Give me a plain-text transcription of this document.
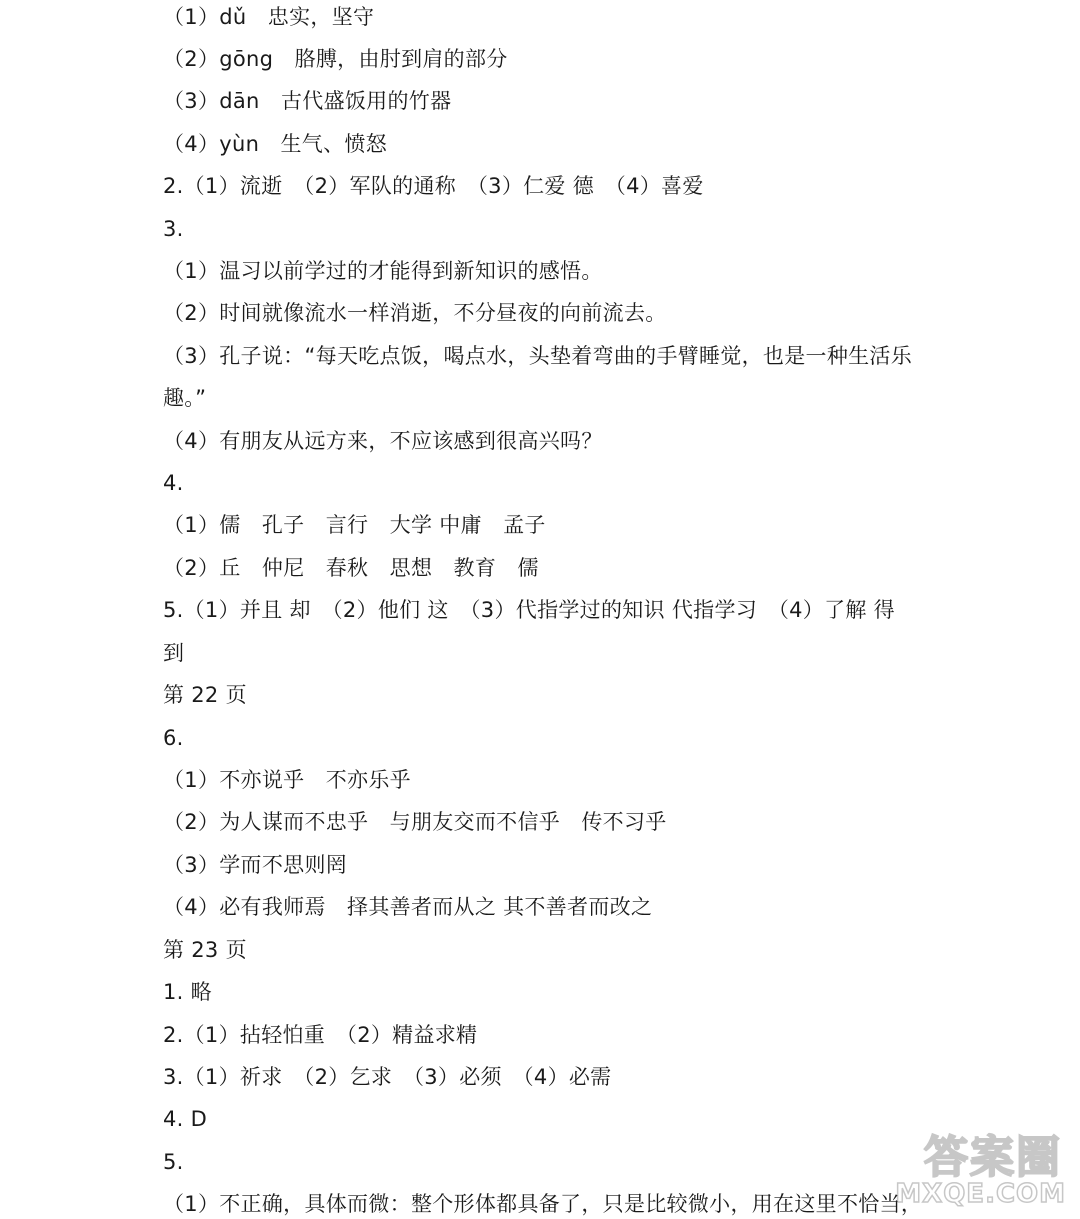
（1）dǔ　忠实，坚守
（2）gōng　胳膊，由肘到肩的部分
（3）dān　古代盛饭用的竹器
（4）yùn　生气、愤怒
2.（1）流逝　（2）军队的通称　（3）仁爱 德　（4）喜爱
3.
（1）温习以前学过的才能得到新知识的感悟。
（2）时间就像流水一样消逝，不分昼夜的向前流去。
（3）孔子说：“每天吃点饭，喝点水，头垫着弯曲的手臂睡觉，也是一种生活乐
趣。”
（4）有朋友从远方来，不应该感到很高兴吗？
4.
（1）儒　孔子　言行　大学 中庸　孟子
（2）丘　仲尼　春秋　思想　教育　儒
5.（1）并且 却　（2）他们 这　（3）代指学过的知识 代指学习　（4）了解 得
到
第 22 页
6.
（1）不亦说乎　不亦乐乎
（2）为人谋而不忠乎　与朋友交而不信乎　传不习乎
（3）学而不思则罔
（4）必有我师焉　择其善者而从之 其不善者而改之
第 23 页
1. 略
2.（1）拈轻怕重　（2）精益求精
3.（1）祈求　（2）乞求　（3）必须　（4）必需
4. D
5.
（1）不正确，具体而微：整个形体都具备了，只是比较微小，用在这里不恰当，
答案圈
MXQE.COM
